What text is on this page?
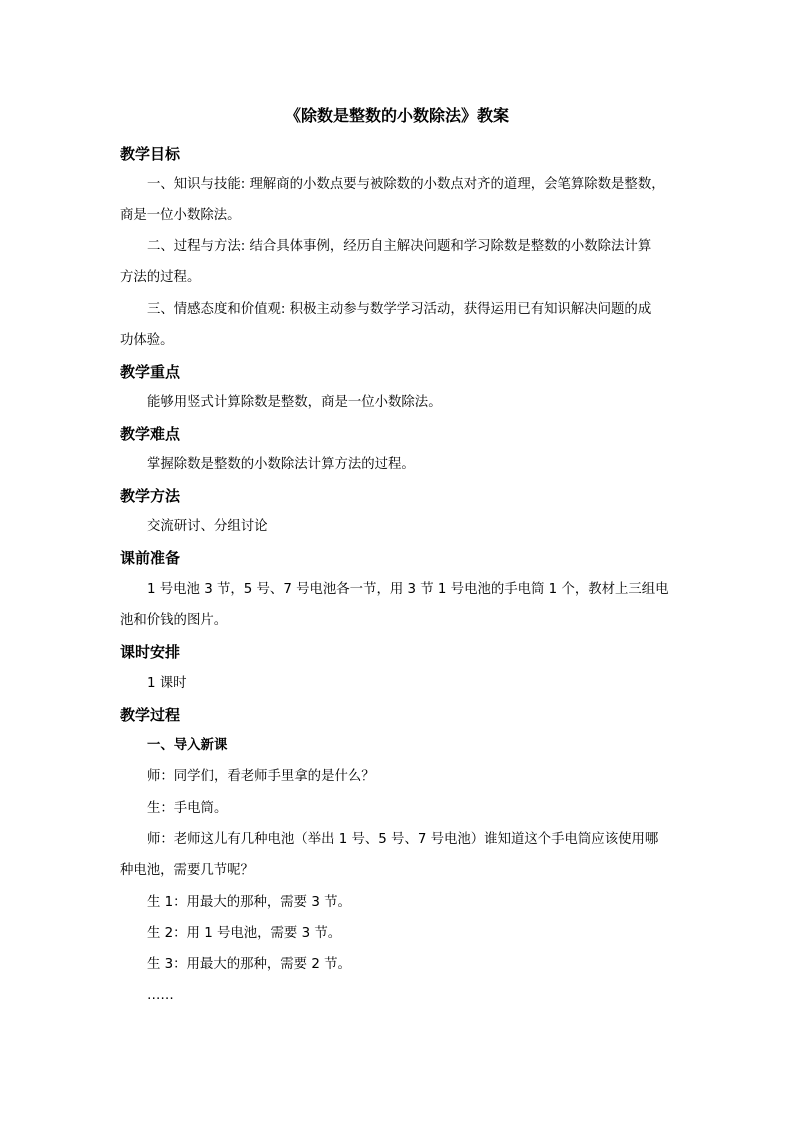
《除数是整数的小数除法》教案
教学目标
一、知识与技能: 理解商的小数点要与被除数的小数点对齐的道理，会笔算除数是整数，
商是一位小数除法。
二、过程与方法: 结合具体事例，经历自主解决问题和学习除数是整数的小数除法计算
方法的过程。
三、情感态度和价值观: 积极主动参与数学学习活动，获得运用已有知识解决问题的成
功体验。
教学重点
能够用竖式计算除数是整数，商是一位小数除法。
教学难点
掌握除数是整数的小数除法计算方法的过程。
教学方法
交流研讨、分组讨论
课前准备
1 号电池 3 节，5 号、7 号电池各一节，用 3 节 1 号电池的手电筒 1 个，教材上三组电
池和价钱的图片。
课时安排
1 课时
教学过程
一、导入新课
师：同学们，看老师手里拿的是什么？
生：手电筒。
师：老师这儿有几种电池（举出 1 号、5 号、7 号电池）谁知道这个手电筒应该使用哪
种电池，需要几节呢？
生 1：用最大的那种，需要 3 节。
生 2：用 1 号电池，需要 3 节。
生 3：用最大的那种，需要 2 节。
……
